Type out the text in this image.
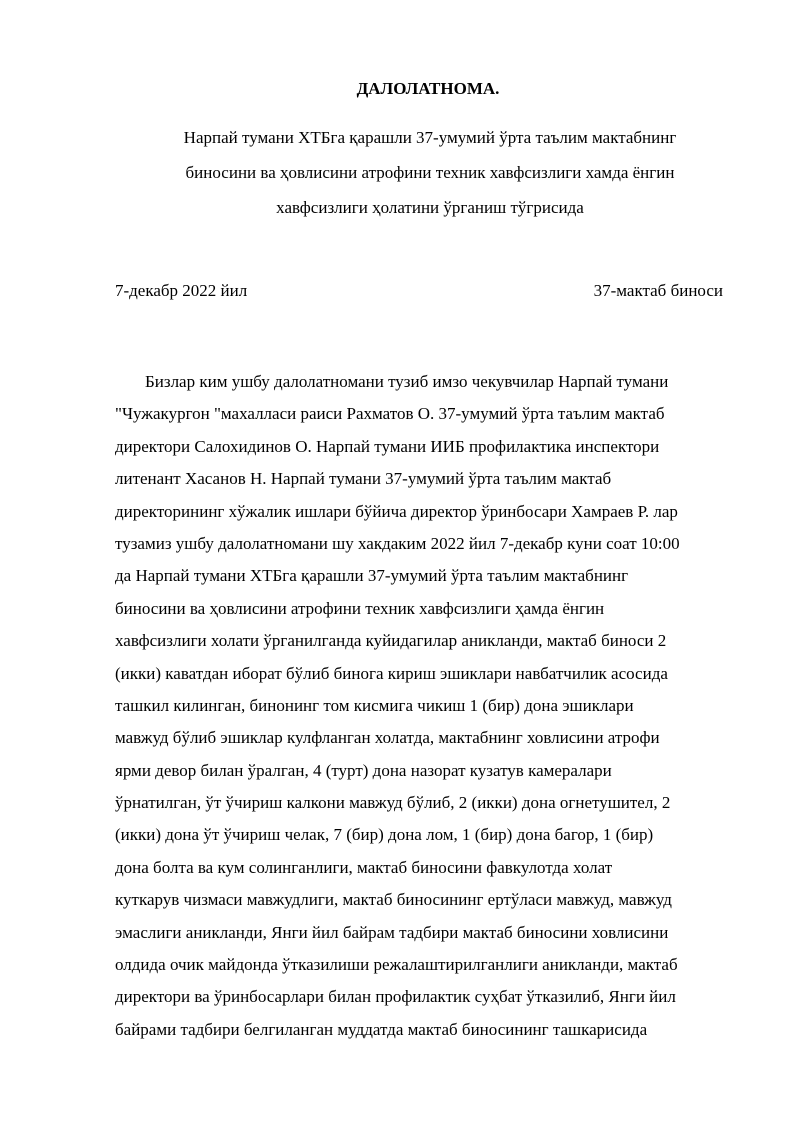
ДАЛОЛАТНОМА.
Нарпай тумани ХТБга қарашли 37-умумий ўрта таълим мактабнинг
биносини ва ҳовлисини атрофини техник хавфсизлиги хамда ёнгин
хавфсизлиги ҳолатини ўрганиш тўгрисида
7-декабр 2022 йил	37-мактаб биноси
Бизлар ким ушбу далолатномани тузиб имзо чекувчилар Нарпай тумани
"Чужакургон "махалласи раиси Рахматов О. 37-умумий ўрта таълим мактаб
директори Салохидинов О. Нарпай тумани ИИБ профилактика инспектори
литенант Хасанов Н. Нарпай тумани 37-умумий ўрта таълим мактаб
директорининг хўжалик ишлари бўйича директор ўринбосари Хамраев Р. лар
тузамиз ушбу далолатномани шу хакдаким 2022 йил 7-декабр куни соат 10:00
да Нарпай тумани ХТБга қарашли 37-умумий ўрта таълим мактабнинг
биносини ва ҳовлисини атрофини техник хавфсизлиги ҳамда ёнгин
хавфсизлиги холати ўрганилганда куйидагилар аникланди, мактаб биноси 2
(икки) каватдан иборат бўлиб бинога кириш эшиклари навбатчилик асосида
ташкил килинган, бинонинг том кисмига чикиш 1 (бир) дона эшиклари
мавжуд бўлиб эшиклар кулфланган холатда, мактабнинг ховлисини атрофи
ярми девор билан ўралган, 4 (турт) дона назорат кузатув камералари
ўрнатилган, ўт ўчириш калкони мавжуд бўлиб, 2 (икки) дона огнетушител, 2
(икки) дона ўт ўчириш челак, 7 (бир) дона лом, 1 (бир) дона багор, 1 (бир)
дона болта ва кум солинганлиги, мактаб биносини фавкулотда холат
куткарув чизмаси мавжудлиги, мактаб биносининг ертўласи мавжуд, мавжуд
эмаслиги аникланди, Янги йил байрам тадбири мактаб биносини ховлисини
олдида очик майдонда ўтказилиши режалаштирилганлиги аникланди, мактаб
директори ва ўринбосарлари билан профилактик суҳбат ўтказилиб, Янги йил
байрами тадбири белгиланган муддатда мактаб биносининг ташкарисида
